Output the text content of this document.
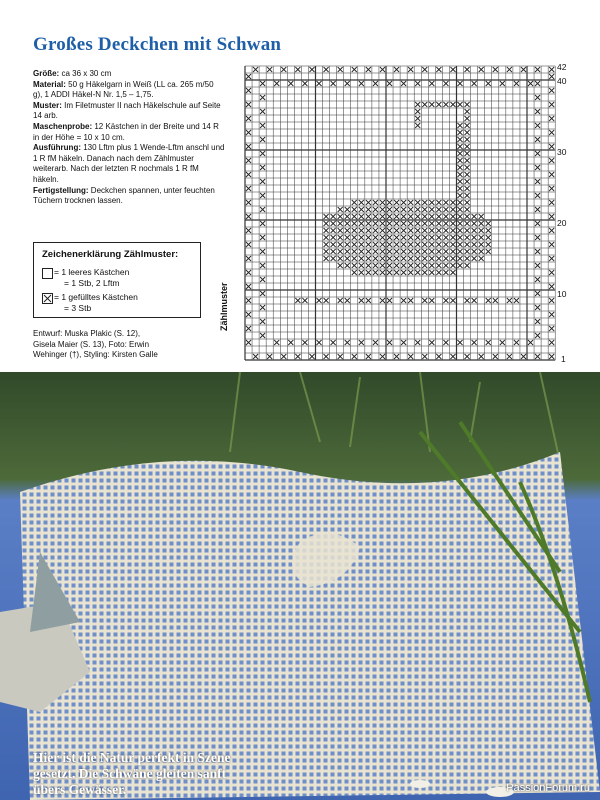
Großes Deckchen mit Schwan

Größe: ca 36 x 30 cm

Material: 50 g Häkelgarn in Weiß (LL ca. 265 m/50 g), 1 ADDI Häkel-N Nr. 1,5 – 1,75.

Muster: Im Filetmuster II nach Häkelschule auf Seite 14 arb.

Maschenprobe: 12 Kästchen in der Breite und 14 R in der Höhe = 10 x 10 cm.

Ausführung: 130 Lftm plus 1 Wende-Lftm anschl und 1 R fM häkeln. Danach nach dem Zählmuster weiterarb. Nach der letzten R nochmals 1 R fM häkeln.

Fertigstellung: Deckchen spannen, unter feuchten Tüchern trocknen lassen.

Zeichenerklärung Zählmuster:
= 1 leeres Kästchen
= 1 Stb, 2 Lftm
= 1 gefülltes Kästchen
= 3 Stb
Entwurf: Muska Plakic (S. 12),
Gisela Maier (S. 13), Foto: Erwin
Wehinger (†), Styling: Kirsten Galle
Zählmuster
42
40
30
20
10
1
Hier ist die Natur perfekt in Szene gesetzt. Die Schwäne gleiten sanft übers Gewässer.	PassionForum.ru
